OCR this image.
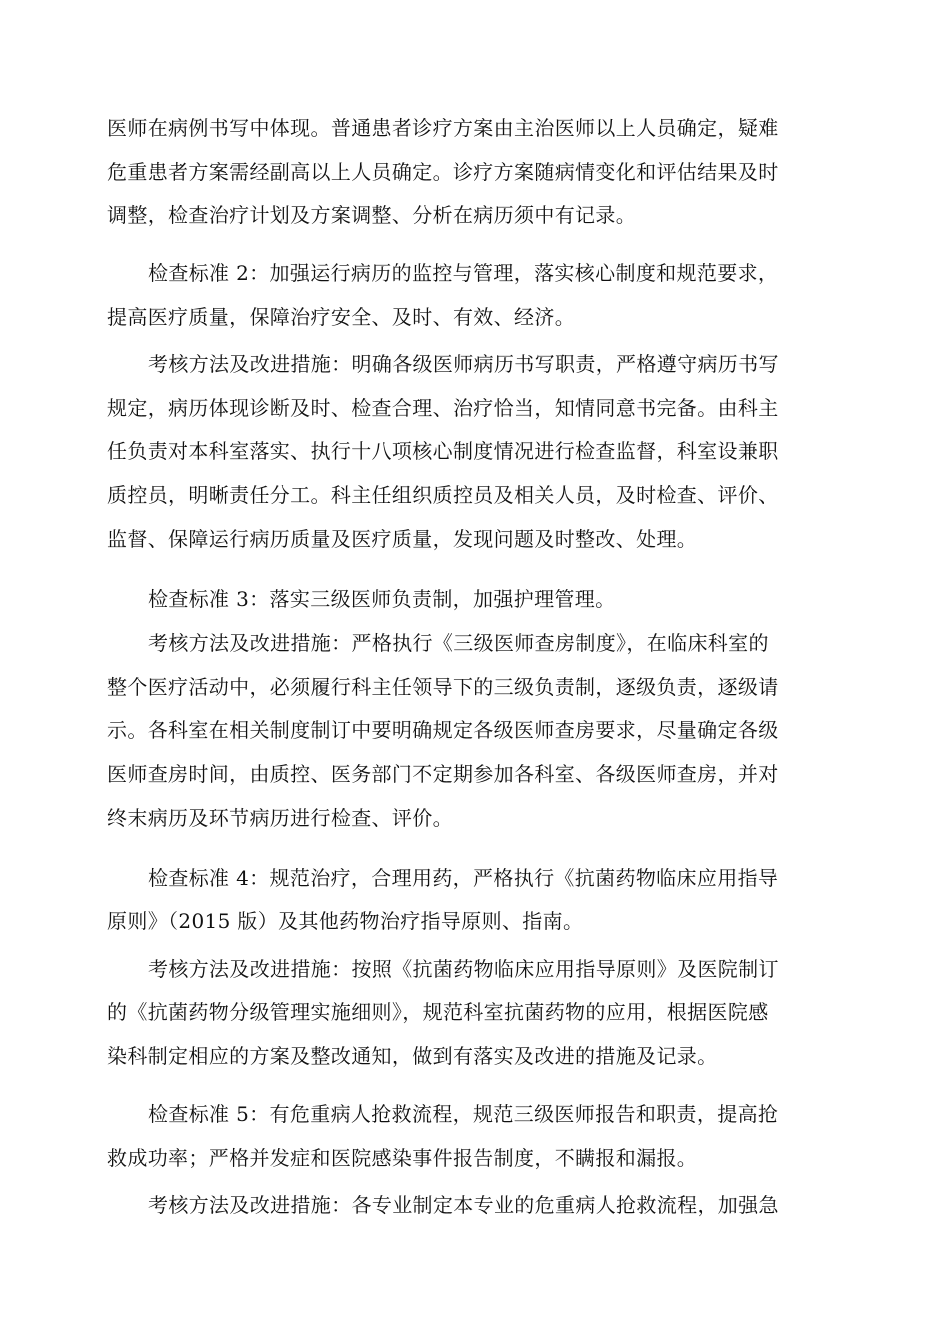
医师在病例书写中体现。普通患者诊疗方案由主治医师以上人员确定，疑难
危重患者方案需经副高以上人员确定。诊疗方案随病情变化和评估结果及时
调整，检查治疗计划及方案调整、分析在病历须中有记录。
检查标准 2：加强运行病历的监控与管理，落实核心制度和规范要求，
提高医疗质量，保障治疗安全、及时、有效、经济。
考核方法及改进措施：明确各级医师病历书写职责，严格遵守病历书写
规定，病历体现诊断及时、检查合理、治疗恰当，知情同意书完备。由科主
任负责对本科室落实、执行十八项核心制度情况进行检查监督，科室设兼职
质控员，明晰责任分工。科主任组织质控员及相关人员，及时检查、评价、
监督、保障运行病历质量及医疗质量，发现问题及时整改、处理。
检查标准 3：落实三级医师负责制，加强护理管理。
考核方法及改进措施：严格执行《三级医师查房制度》，在临床科室的
整个医疗活动中，必须履行科主任领导下的三级负责制，逐级负责，逐级请
示。各科室在相关制度制订中要明确规定各级医师查房要求，尽量确定各级
医师查房时间，由质控、医务部门不定期参加各科室、各级医师查房，并对
终末病历及环节病历进行检查、评价。
检查标准 4：规范治疗，合理用药，严格执行《抗菌药物临床应用指导
原则》（2015 版）及其他药物治疗指导原则、指南。
考核方法及改进措施：按照《抗菌药物临床应用指导原则》及医院制订
的《抗菌药物分级管理实施细则》，规范科室抗菌药物的应用，根据医院感
染科制定相应的方案及整改通知，做到有落实及改进的措施及记录。
检查标准 5：有危重病人抢救流程，规范三级医师报告和职责，提高抢
救成功率；严格并发症和医院感染事件报告制度，不瞒报和漏报。
考核方法及改进措施：各专业制定本专业的危重病人抢救流程，加强急
